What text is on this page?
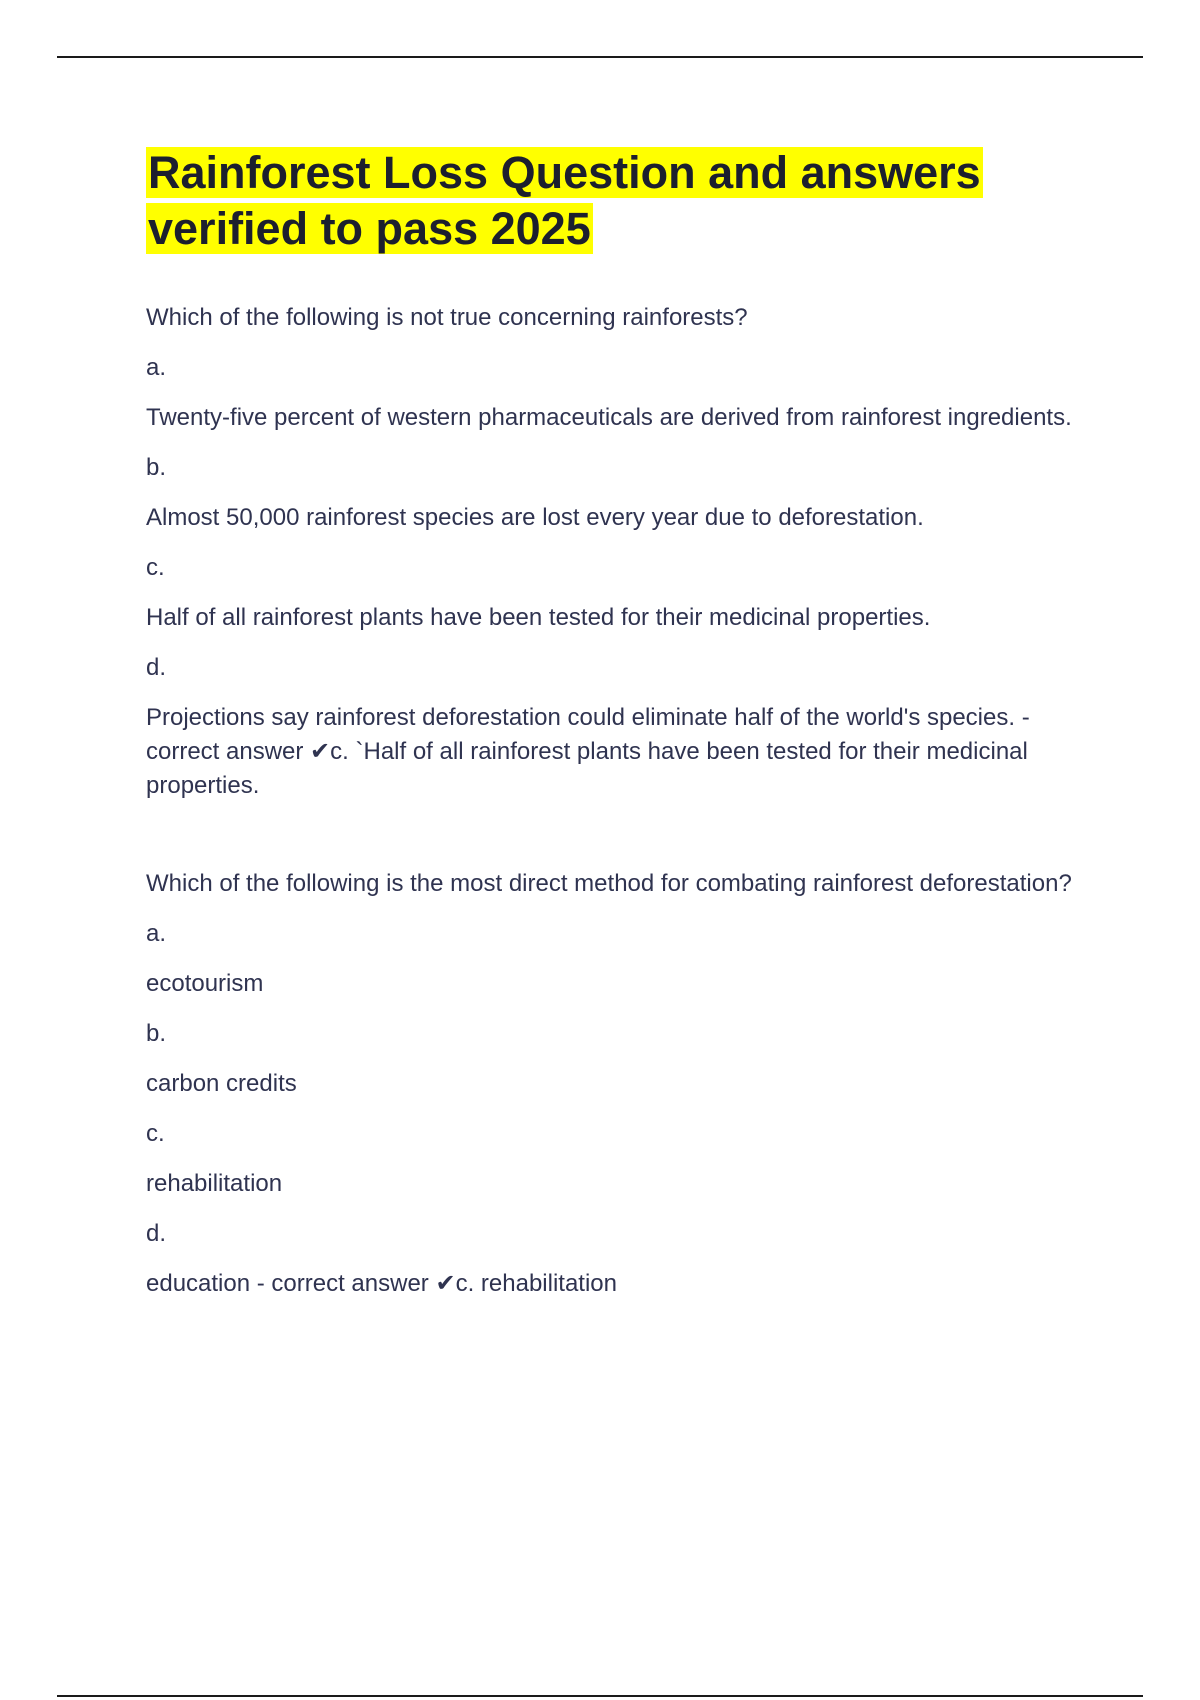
Rainforest Loss Question and answers
verified to pass 2025

Which of the following is not true concerning rainforests?

a.

Twenty-five percent of western pharmaceuticals are derived from rainforest ingredients.

b.

Almost 50,000 rainforest species are lost every year due to deforestation.

c.

Half of all rainforest plants have been tested for their medicinal properties.

d.

Projections say rainforest deforestation could eliminate half of the world's species. - correct answer ✔c. `Half of all rainforest plants have been tested for their medicinal properties.

Which of the following is the most direct method for combating rainforest deforestation?

a.

ecotourism

b.

carbon credits

c.

rehabilitation

d.

education - correct answer ✔c. rehabilitation
